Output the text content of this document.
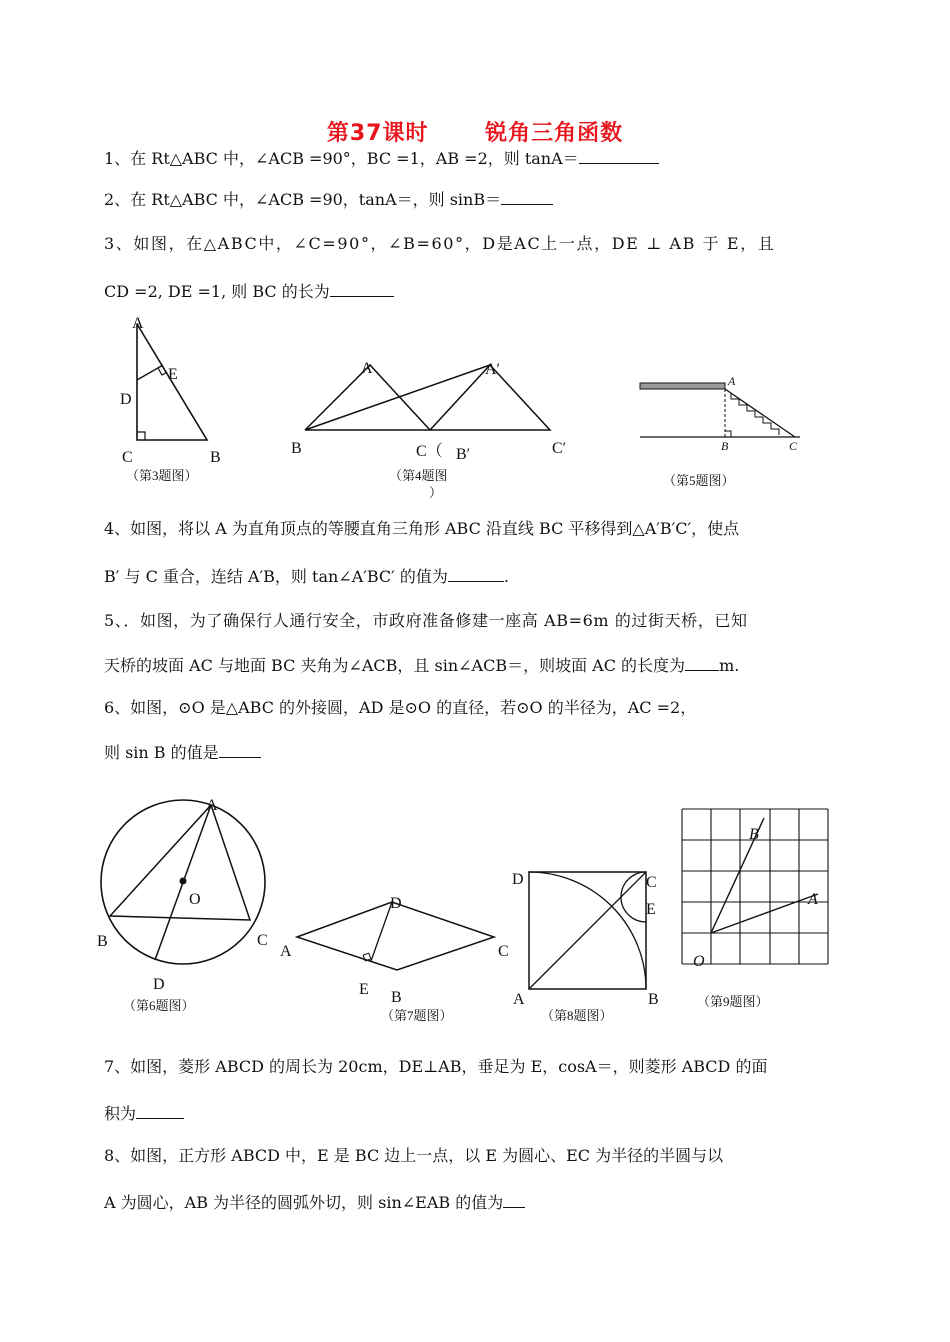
第37课时	锐角三角函数
1、在 Rt△ABC 中，∠ACB =90°，BC =1，AB =2，则 tanA＝
2、在 Rt△ABC 中，∠ACB =90，tanA＝，则 sinB＝
3、如图，在△ABC中，∠C=90°，∠B=60°，D是AC上一点，DE ⊥ AB 于 E，且
CD =2, DE =1, 则 BC 的长为
A
E
D
C	B
（第3题图）
A	A′
B	C（ B′	C′
（第4题图
）
A
B	C
（第5题图）
4、如图，将以 A 为直角顶点的等腰直角三角形 ABC 沿直线 BC 平移得到△A′B′C′，使点
B′ 与 C 重合，连结 A′B，则 tan∠A′BC′ 的值为	.
5、．如图，为了确保行人通行安全，市政府准备修建一座高 AB=6m 的过街天桥，已知
天桥的坡面 AC 与地面 BC 夹角为∠ACB，且 sin∠ACB＝，则坡面 AC 的长度为 m.
6、如图，⊙O 是△ABC 的外接圆，AD 是⊙O 的直径，若⊙O 的半径为，AC =2，
则 sin B 的值是
A
O
B	C
D
（第6题图）
A
D
C
E B
（第7题图）
D	C
E
A	B
（第8题图）
B
A
O
（第9题图）
7、如图，菱形 ABCD 的周长为 20cm，DE⊥AB，垂足为 E，cosA＝，则菱形 ABCD 的面
积为
8、如图，正方形 ABCD 中，E 是 BC 边上一点，以 E 为圆心、EC 为半径的半圆与以
A 为圆心，AB 为半径的圆弧外切，则 sin∠EAB 的值为
